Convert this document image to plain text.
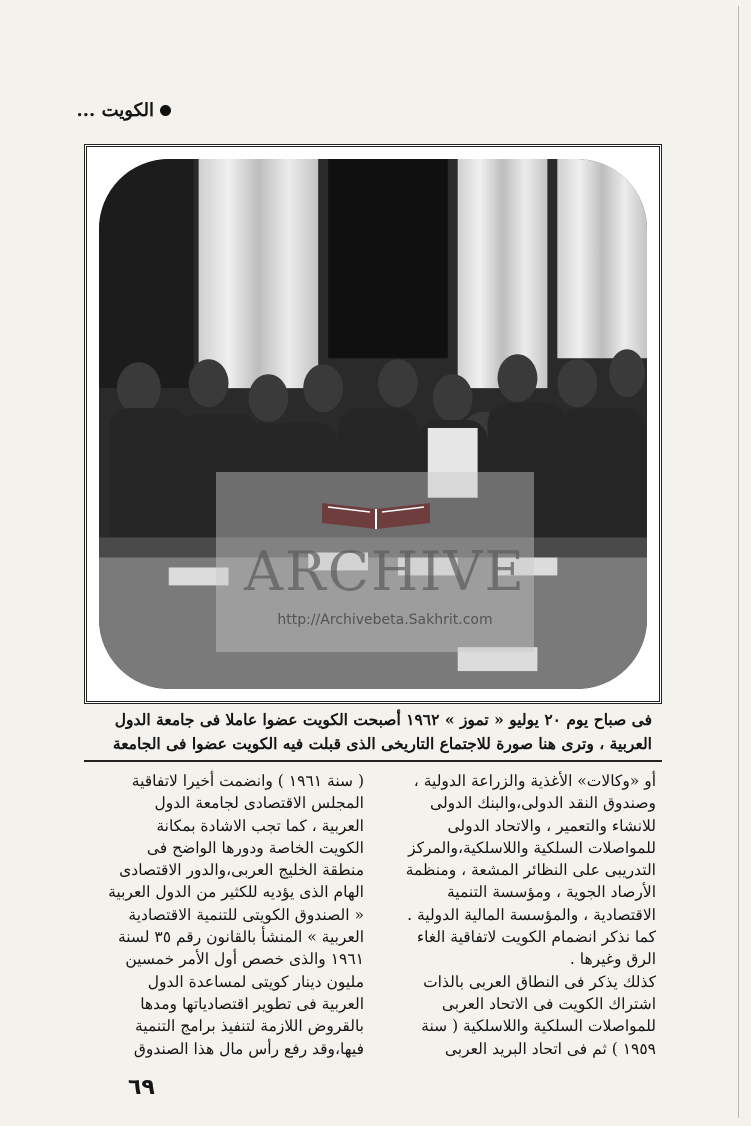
الكويت ...
ARCHIVE
http://Archivebeta.Sakhrit.com
فى صباح يوم ٢٠ يوليو « تموز » ١٩٦٢ أصبحت الكويت عضوا عاملا فى جامعة الدول
العربية ، وترى هنا صورة للاجتماع التاريخى الذى قبلت فيه الكويت عضوا فى الجامعة

أو «وكالات» الأغذية والزراعة الدولية ،

وصندوق النقد الدولى،والبنك الدولى

للانشاء والتعمير ، والاتحاد الدولى

للمواصلات السلكية واللاسلكية،والمركز

التدريبى على النظائر المشعة ، ومنظمة

الأرصاد الجوية ، ومؤسسة التنمية

الاقتصادية ، والمؤسسة المالية الدولية .

كما نذكر انضمام الكويت لاتفاقية الغاء

الرق وغيرها .

كذلك يذكر فى النطاق العربى بالذات

اشتراك الكويت فى الاتحاد العربى

للمواصلات السلكية واللاسلكية ( سنة

١٩٥٩ ) ثم فى اتحاد البريد العربى

( سنة ١٩٦١ ) وانضمت أخيرا لاتفاقية

المجلس الاقتصادى لجامعة الدول

العربية ، كما تجب الاشادة بمكانة

الكويت الخاصة ودورها الواضح فى

منطقة الخليج العربى،والدور الاقتصادى

الهام الذى يؤديه للكثير من الدول العربية

« الصندوق الكويتى للتنمية الاقتصادية

العربية » المنشأ بالقانون رقم ٣٥ لسنة

١٩٦١ والذى خصص أول الأمر خمسين

مليون دينار كويتى لمساعدة الدول

العربية فى تطوير اقتصادياتها ومدها

بالقروض اللازمة لتنفيذ برامج التنمية

فيها،وقد رفع رأس مال هذا الصندوق

٦٩
